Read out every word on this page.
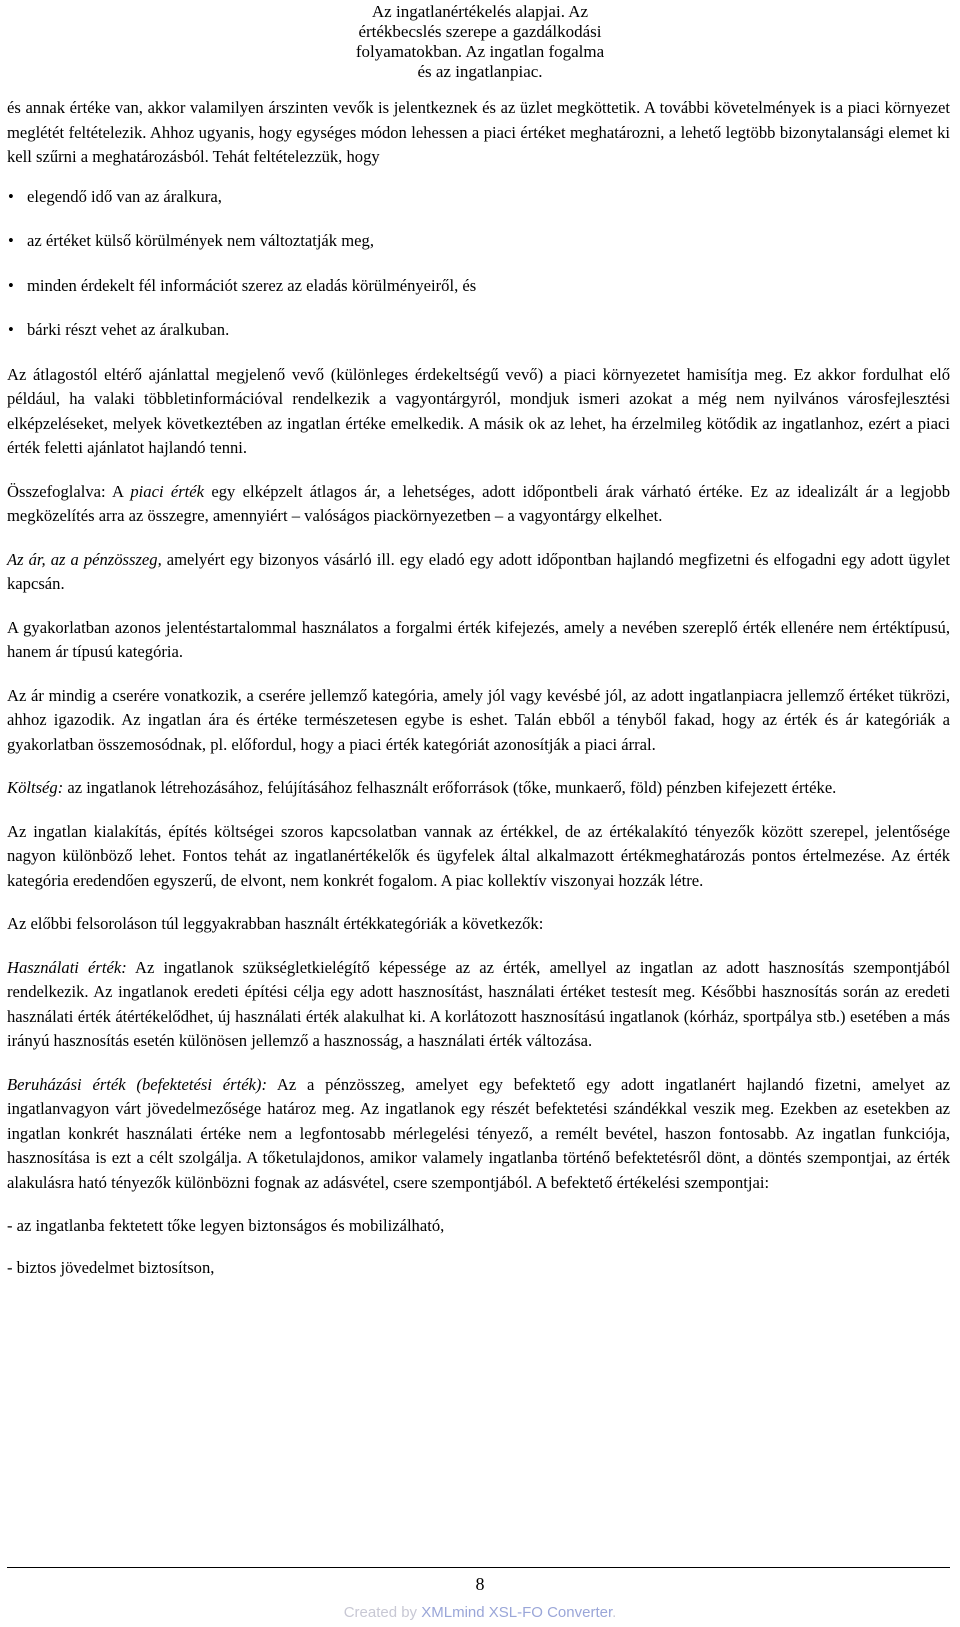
Az ingatlanértékelés alapjai. Az
értékbecslés szerepe a gazdálkodási
folyamatokban. Az ingatlan fogalma
és az ingatlanpiac.

és annak értéke van, akkor valamilyen árszinten vevők is jelentkeznek és az üzlet megköttetik. A további követelmények is a piaci környezet meglétét feltételezik. Ahhoz ugyanis, hogy egységes módon lehessen a piaci értéket meghatározni, a lehető legtöbb bizonytalansági elemet ki kell szűrni a meghatározásból. Tehát feltételezzük, hogy

• elegendő idő van az áralkura,
• az értéket külső körülmények nem változtatják meg,
• minden érdekelt fél információt szerez az eladás körülményeiről, és
• bárki részt vehet az áralkuban.

Az átlagostól eltérő ajánlattal megjelenő vevő (különleges érdekeltségű vevő) a piaci környezetet hamisítja meg. Ez akkor fordulhat elő például, ha valaki többletinformációval rendelkezik a vagyontárgyról, mondjuk ismeri azokat a még nem nyilvános városfejlesztési elképzeléseket, melyek következtében az ingatlan értéke emelkedik. A másik ok az lehet, ha érzelmileg kötődik az ingatlanhoz, ezért a piaci érték feletti ajánlatot hajlandó tenni.

Összefoglalva: A piaci érték egy elképzelt átlagos ár, a lehetséges, adott időpontbeli árak várható értéke. Ez az idealizált ár a legjobb megközelítés arra az összegre, amennyiért – valóságos piackörnyezetben – a vagyontárgy elkelhet.

Az ár, az a pénzösszeg, amelyért egy bizonyos vásárló ill. egy eladó egy adott időpontban hajlandó megfizetni és elfogadni egy adott ügylet kapcsán.

A gyakorlatban azonos jelentéstartalommal használatos a forgalmi érték kifejezés, amely a nevében szereplő érték ellenére nem értéktípusú, hanem ár típusú kategória.

Az ár mindig a cserére vonatkozik, a cserére jellemző kategória, amely jól vagy kevésbé jól, az adott ingatlanpiacra jellemző értéket tükrözi, ahhoz igazodik. Az ingatlan ára és értéke természetesen egybe is eshet. Talán ebből a tényből fakad, hogy az érték és ár kategóriák a gyakorlatban összemosódnak, pl. előfordul, hogy a piaci érték kategóriát azonosítják a piaci árral.

Költség: az ingatlanok létrehozásához, felújításához felhasznált erőforrások (tőke, munkaerő, föld) pénzben kifejezett értéke.

Az ingatlan kialakítás, építés költségei szoros kapcsolatban vannak az értékkel, de az értékalakító tényezők között szerepel, jelentősége nagyon különböző lehet. Fontos tehát az ingatlanértékelők és ügyfelek által alkalmazott értékmeghatározás pontos értelmezése. Az érték kategória eredendően egyszerű, de elvont, nem konkrét fogalom. A piac kollektív viszonyai hozzák létre.

Az előbbi felsoroláson túl leggyakrabban használt értékkategóriák a következők:

Használati érték: Az ingatlanok szükségletkielégítő képessége az az érték, amellyel az ingatlan az adott hasznosítás szempontjából rendelkezik. Az ingatlanok eredeti építési célja egy adott hasznosítást, használati értéket testesít meg. Későbbi hasznosítás során az eredeti használati érték átértékelődhet, új használati érték alakulhat ki. A korlátozott hasznosítású ingatlanok (kórház, sportpálya stb.) esetében a más irányú hasznosítás esetén különösen jellemző a hasznosság, a használati érték változása.

Beruházási érték (befektetési érték): Az a pénzösszeg, amelyet egy befektető egy adott ingatlanért hajlandó fizetni, amelyet az ingatlanvagyon várt jövedelmezősége határoz meg. Az ingatlanok egy részét befektetési szándékkal veszik meg. Ezekben az esetekben az ingatlan konkrét használati értéke nem a legfontosabb mérlegelési tényező, a remélt bevétel, haszon fontosabb. Az ingatlan funkciója, hasznosítása is ezt a célt szolgálja. A tőketulajdonos, amikor valamely ingatlanba történő befektetésről dönt, a döntés szempontjai, az érték alakulásra ható tényezők különbözni fognak az adásvétel, csere szempontjából. A befektető értékelési szempontjai:

- az ingatlanba fektetett tőke legyen biztonságos és mobilizálható,

- biztos jövedelmet biztosítson,

8
Created by XMLmind XSL-FO Converter.
